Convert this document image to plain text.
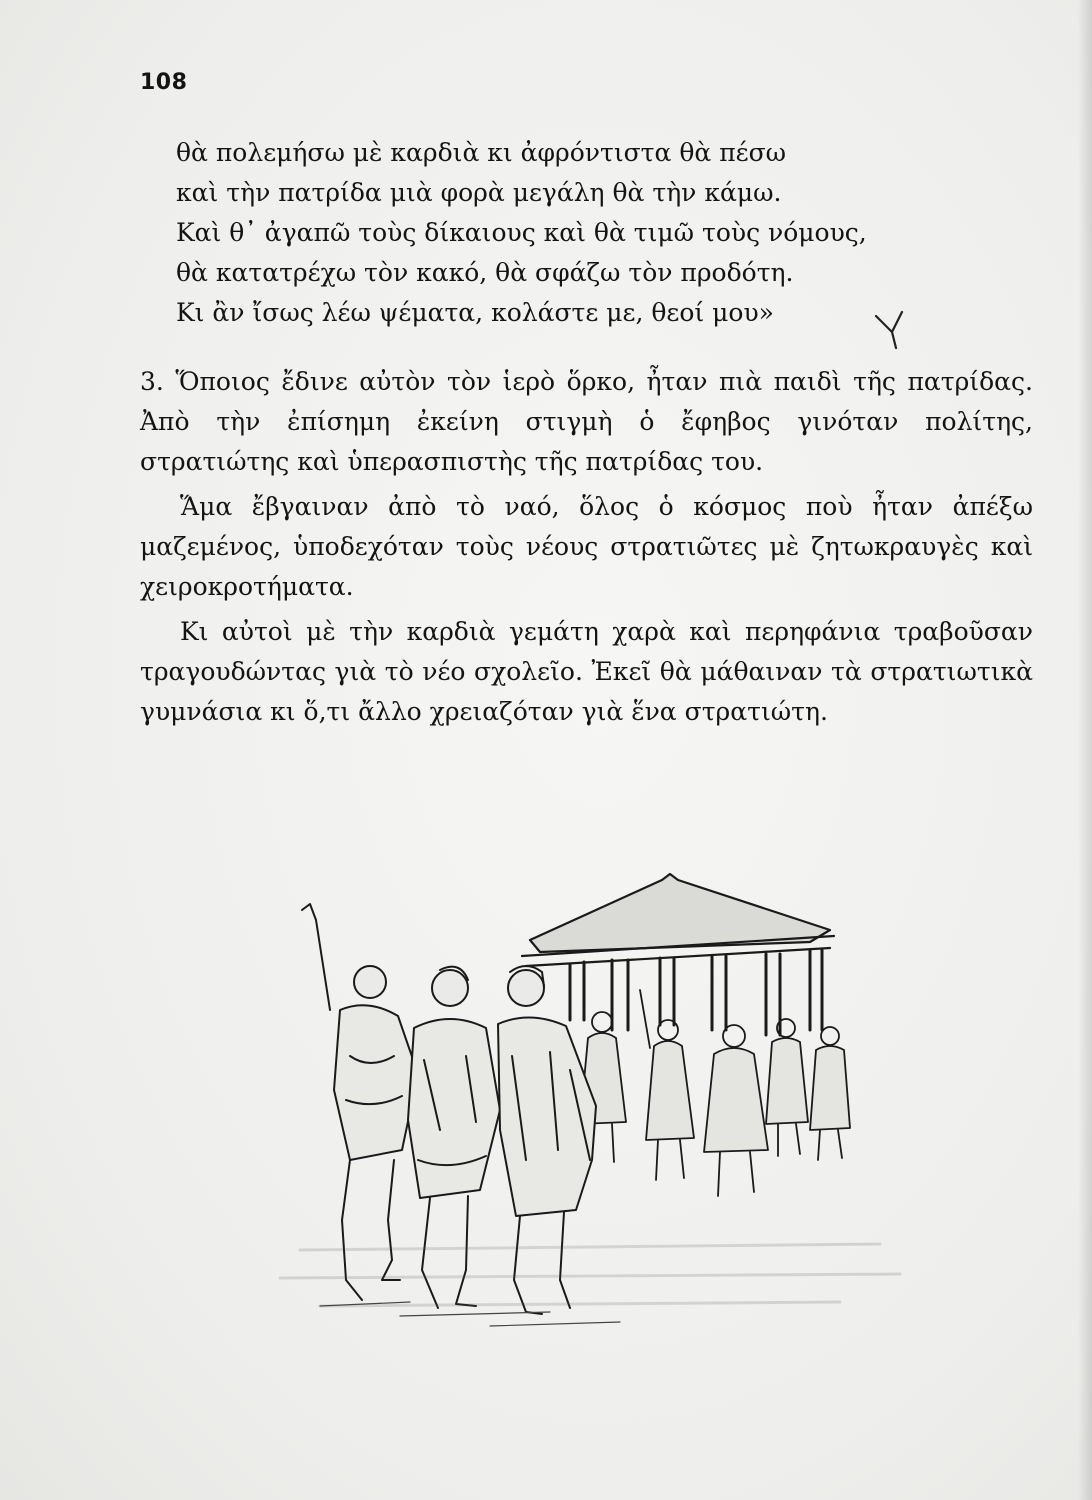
108
θὰ πολεμήσω μὲ καρδιὰ κι ἀφρόντιστα θὰ πέσω
καὶ τὴν πατρίδα μιὰ φορὰ μεγάλη θὰ τὴν κάμω.
Καὶ θ᾿ ἀγαπῶ τοὺς δίκαιους καὶ θὰ τιμῶ τοὺς νόμους,
θὰ κατατρέχω τὸν κακό, θὰ σφάζω τὸν προδότη.
Κι ἂν ἴσως λέω ψέματα, κολάστε με, θεοί μου»

3. Ὅποιος ἔδινε αὐτὸν τὸν ἱερὸ ὅρκο, ἦταν πιὰ παιδὶ τῆς πατρίδας. Ἀπὸ τὴν ἐπίσημη ἐκείνη στιγμὴ ὁ ἔφηβος γινόταν πολίτης, στρατιώτης καὶ ὑπερασπιστὴς τῆς πατρίδας του.

Ἅμα ἔβγαιναν ἀπὸ τὸ ναό, ὅλος ὁ κόσμος ποὺ ἦταν ἀπέξω μαζεμένος, ὑποδεχόταν τοὺς νέους στρατιῶτες μὲ ζητωκραυγὲς καὶ χειροκροτήματα.

Κι αὐτοὶ μὲ τὴν καρδιὰ γεμάτη χαρὰ καὶ περηφάνια τραβοῦσαν τραγουδώντας γιὰ τὸ νέο σχολεῖο. Ἐκεῖ θὰ μάθαιναν τὰ στρατιωτικὰ γυμνάσια κι ὅ,τι ἄλλο χρειαζόταν γιὰ ἕνα στρατιώτη.
